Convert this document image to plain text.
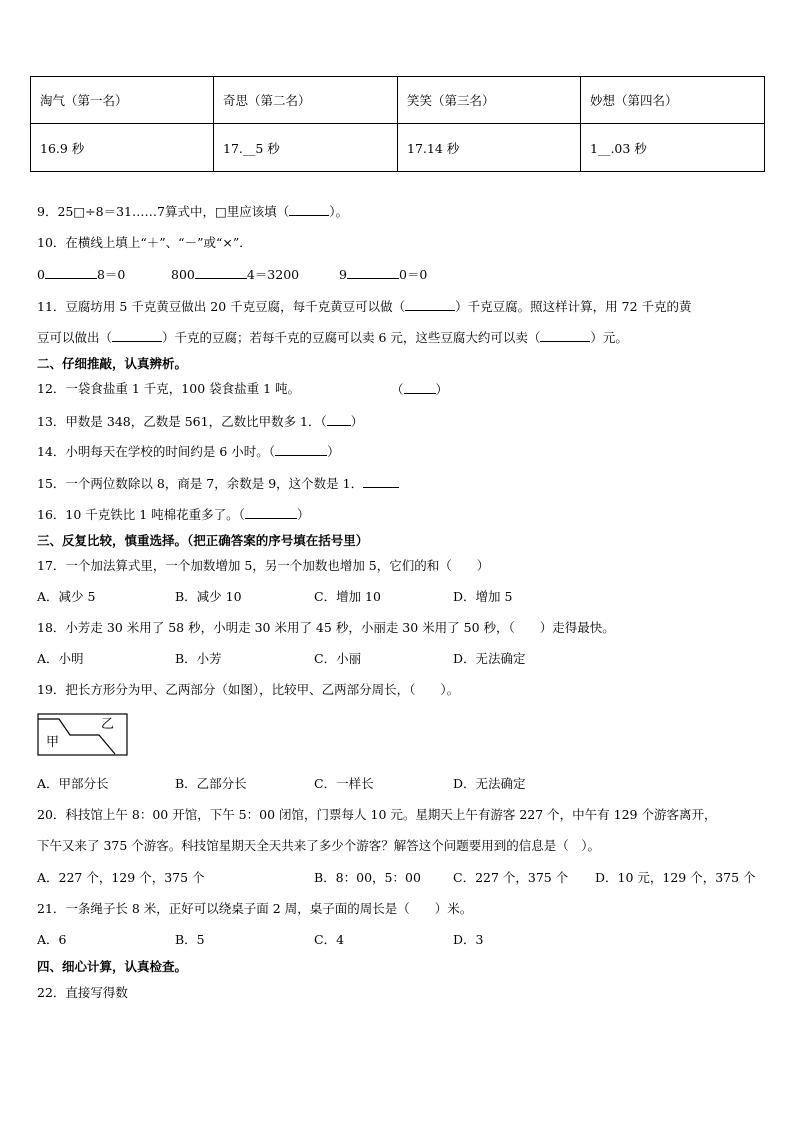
淘气（第一名）	奇思（第二名）	笑笑（第三名）	妙想（第四名）
16.9 秒	17.__5 秒	17.14 秒	1__.03 秒
9．25□÷8＝31……7算式中，□里应该填（	）。
10．在横线上填上“＋”、“－”或“×”．
0	8＝0	800	4＝3200	9	0＝0
11．豆腐坊用 5 千克黄豆做出 20 千克豆腐，每千克黄豆可以做（	）千克豆腐。照这样计算，用 72 千克的黄
豆可以做出（	）千克的豆腐；若每千克的豆腐可以卖 6 元，这些豆腐大约可以卖（	）元。
二、仔细推敲，认真辨析。
12．一袋食盐重 1 千克，100 袋食盐重 1 吨。	（	）
13．甲数是 348，乙数是 561，乙数比甲数多 1．（ ）
14．小明每天在学校的时间约是 6 小时。（	）
15．一个两位数除以 8，商是 7，余数是 9，这个数是 1．
16．10 千克铁比 1 吨棉花重多了。（	）
三、反复比较，慎重选择。（把正确答案的序号填在括号里）
17．一个加法算式里，一个加数增加 5，另一个加数也增加 5，它们的和（　　）
A．减少 5	B．减少 10	C．增加 10	D．增加 5
18．小芳走 30 米用了 58 秒，小明走 30 米用了 45 秒，小丽走 30 米用了 50 秒，（　　）走得最快。
A．小明	B．小芳	C．小丽	D．无法确定
19．把长方形分为甲、乙两部分（如图），比较甲、乙两部分周长，（　　）。
甲
乙
A．甲部分长	B．乙部分长	C．一样长	D．无法确定
20．科技馆上午 8：00 开馆，下午 5：00 闭馆，门票每人 10 元。星期天上午有游客 227 个，中午有 129 个游客离开，
下午又来了 375 个游客。科技馆星期天全天共来了多少个游客？解答这个问题要用到的信息是（　）。
A．227 个，129 个，375 个	B．8：00，5：00	C．227 个，375 个 D．10 元，129 个，375 个
21．一条绳子长 8 米，正好可以绕桌子面 2 周，桌子面的周长是（　　）米。
A．6	B．5	C．4	D．3
四、细心计算，认真检查。
22．直接写得数
